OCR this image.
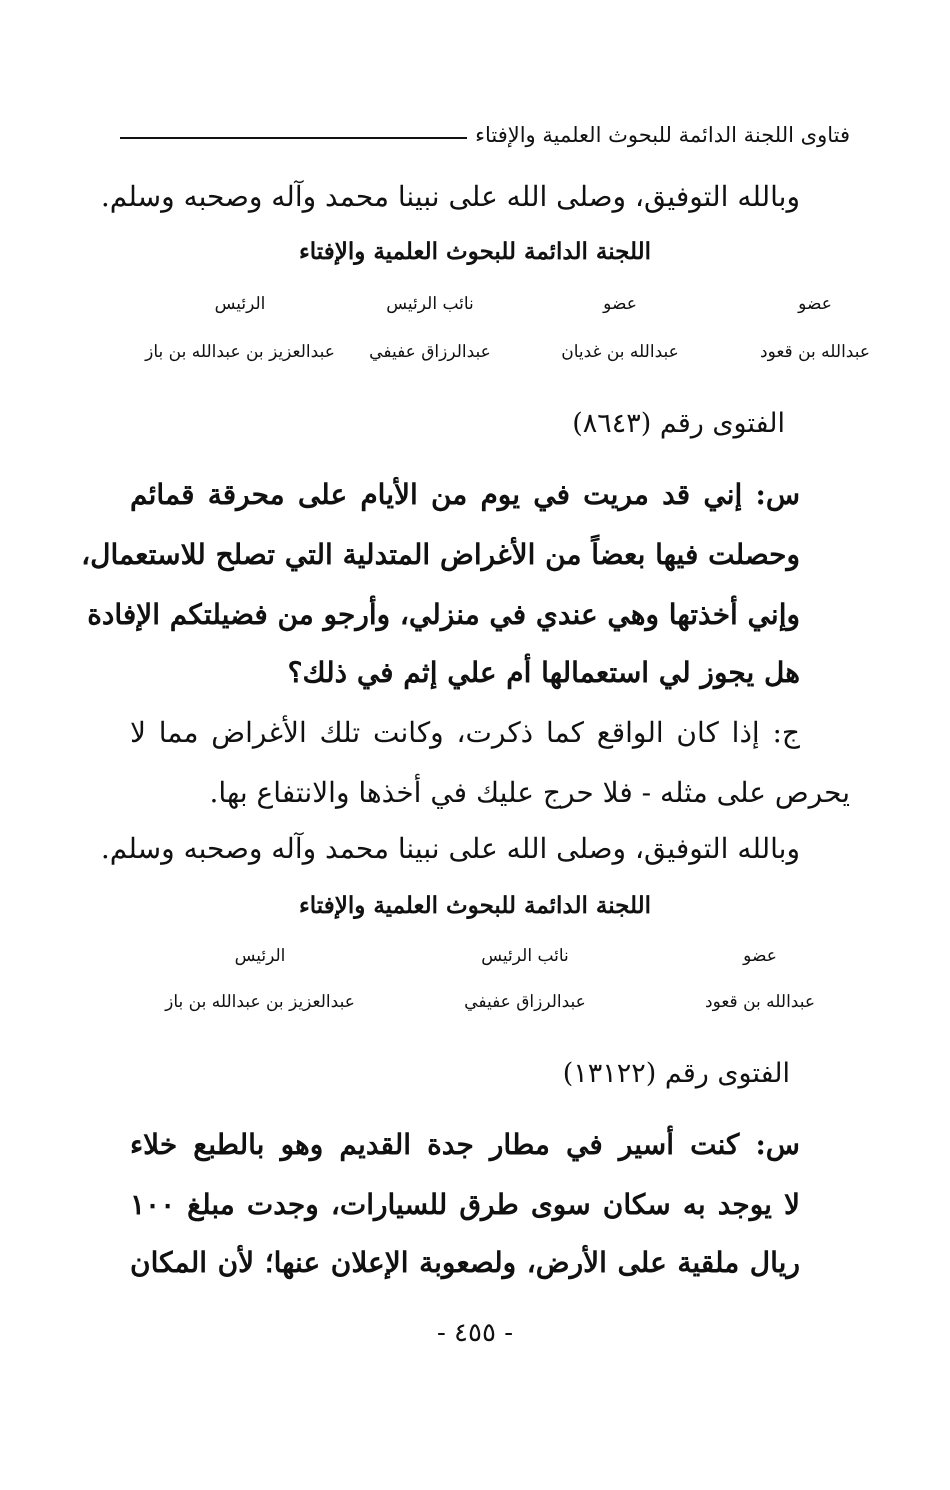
فتاوى اللجنة الدائمة للبحوث العلمية والإفتاء
وبالله التوفيق، وصلى الله على نبينا محمد وآله وصحبه وسلم.
اللجنة الدائمة للبحوث العلمية والإفتاء
عضو
عبدالله بن قعود
عضو
عبدالله بن غديان
نائب الرئيس
عبدالرزاق عفيفي
الرئيس
عبدالعزيز بن عبدالله بن باز
الفتوى رقم (٨٦٤٣)
س: إني قد مريت في يوم من الأيام على محرقة قمائم
وحصلت فيها بعضاً من الأغراض المتدلية التي تصلح للاستعمال،
وإني أخذتها وهي عندي في منزلي، وأرجو من فضيلتكم الإفادة
هل يجوز لي استعمالها أم علي إثم في ذلك؟
ج: إذا كان الواقع كما ذكرت، وكانت تلك الأغراض مما لا
يحرص على مثله - فلا حرج عليك في أخذها والانتفاع بها.
وبالله التوفيق، وصلى الله على نبينا محمد وآله وصحبه وسلم.
اللجنة الدائمة للبحوث العلمية والإفتاء
عضو
عبدالله بن قعود
نائب الرئيس
عبدالرزاق عفيفي
الرئيس
عبدالعزيز بن عبدالله بن باز
الفتوى رقم (١٣١٢٢)
س: كنت أسير في مطار جدة القديم وهو بالطبع خلاء
لا يوجد به سكان سوى طرق للسيارات، وجدت مبلغ ١٠٠
ريال ملقية على الأرض، ولصعوبة الإعلان عنها؛ لأن المكان
- ٤٥٥ -
